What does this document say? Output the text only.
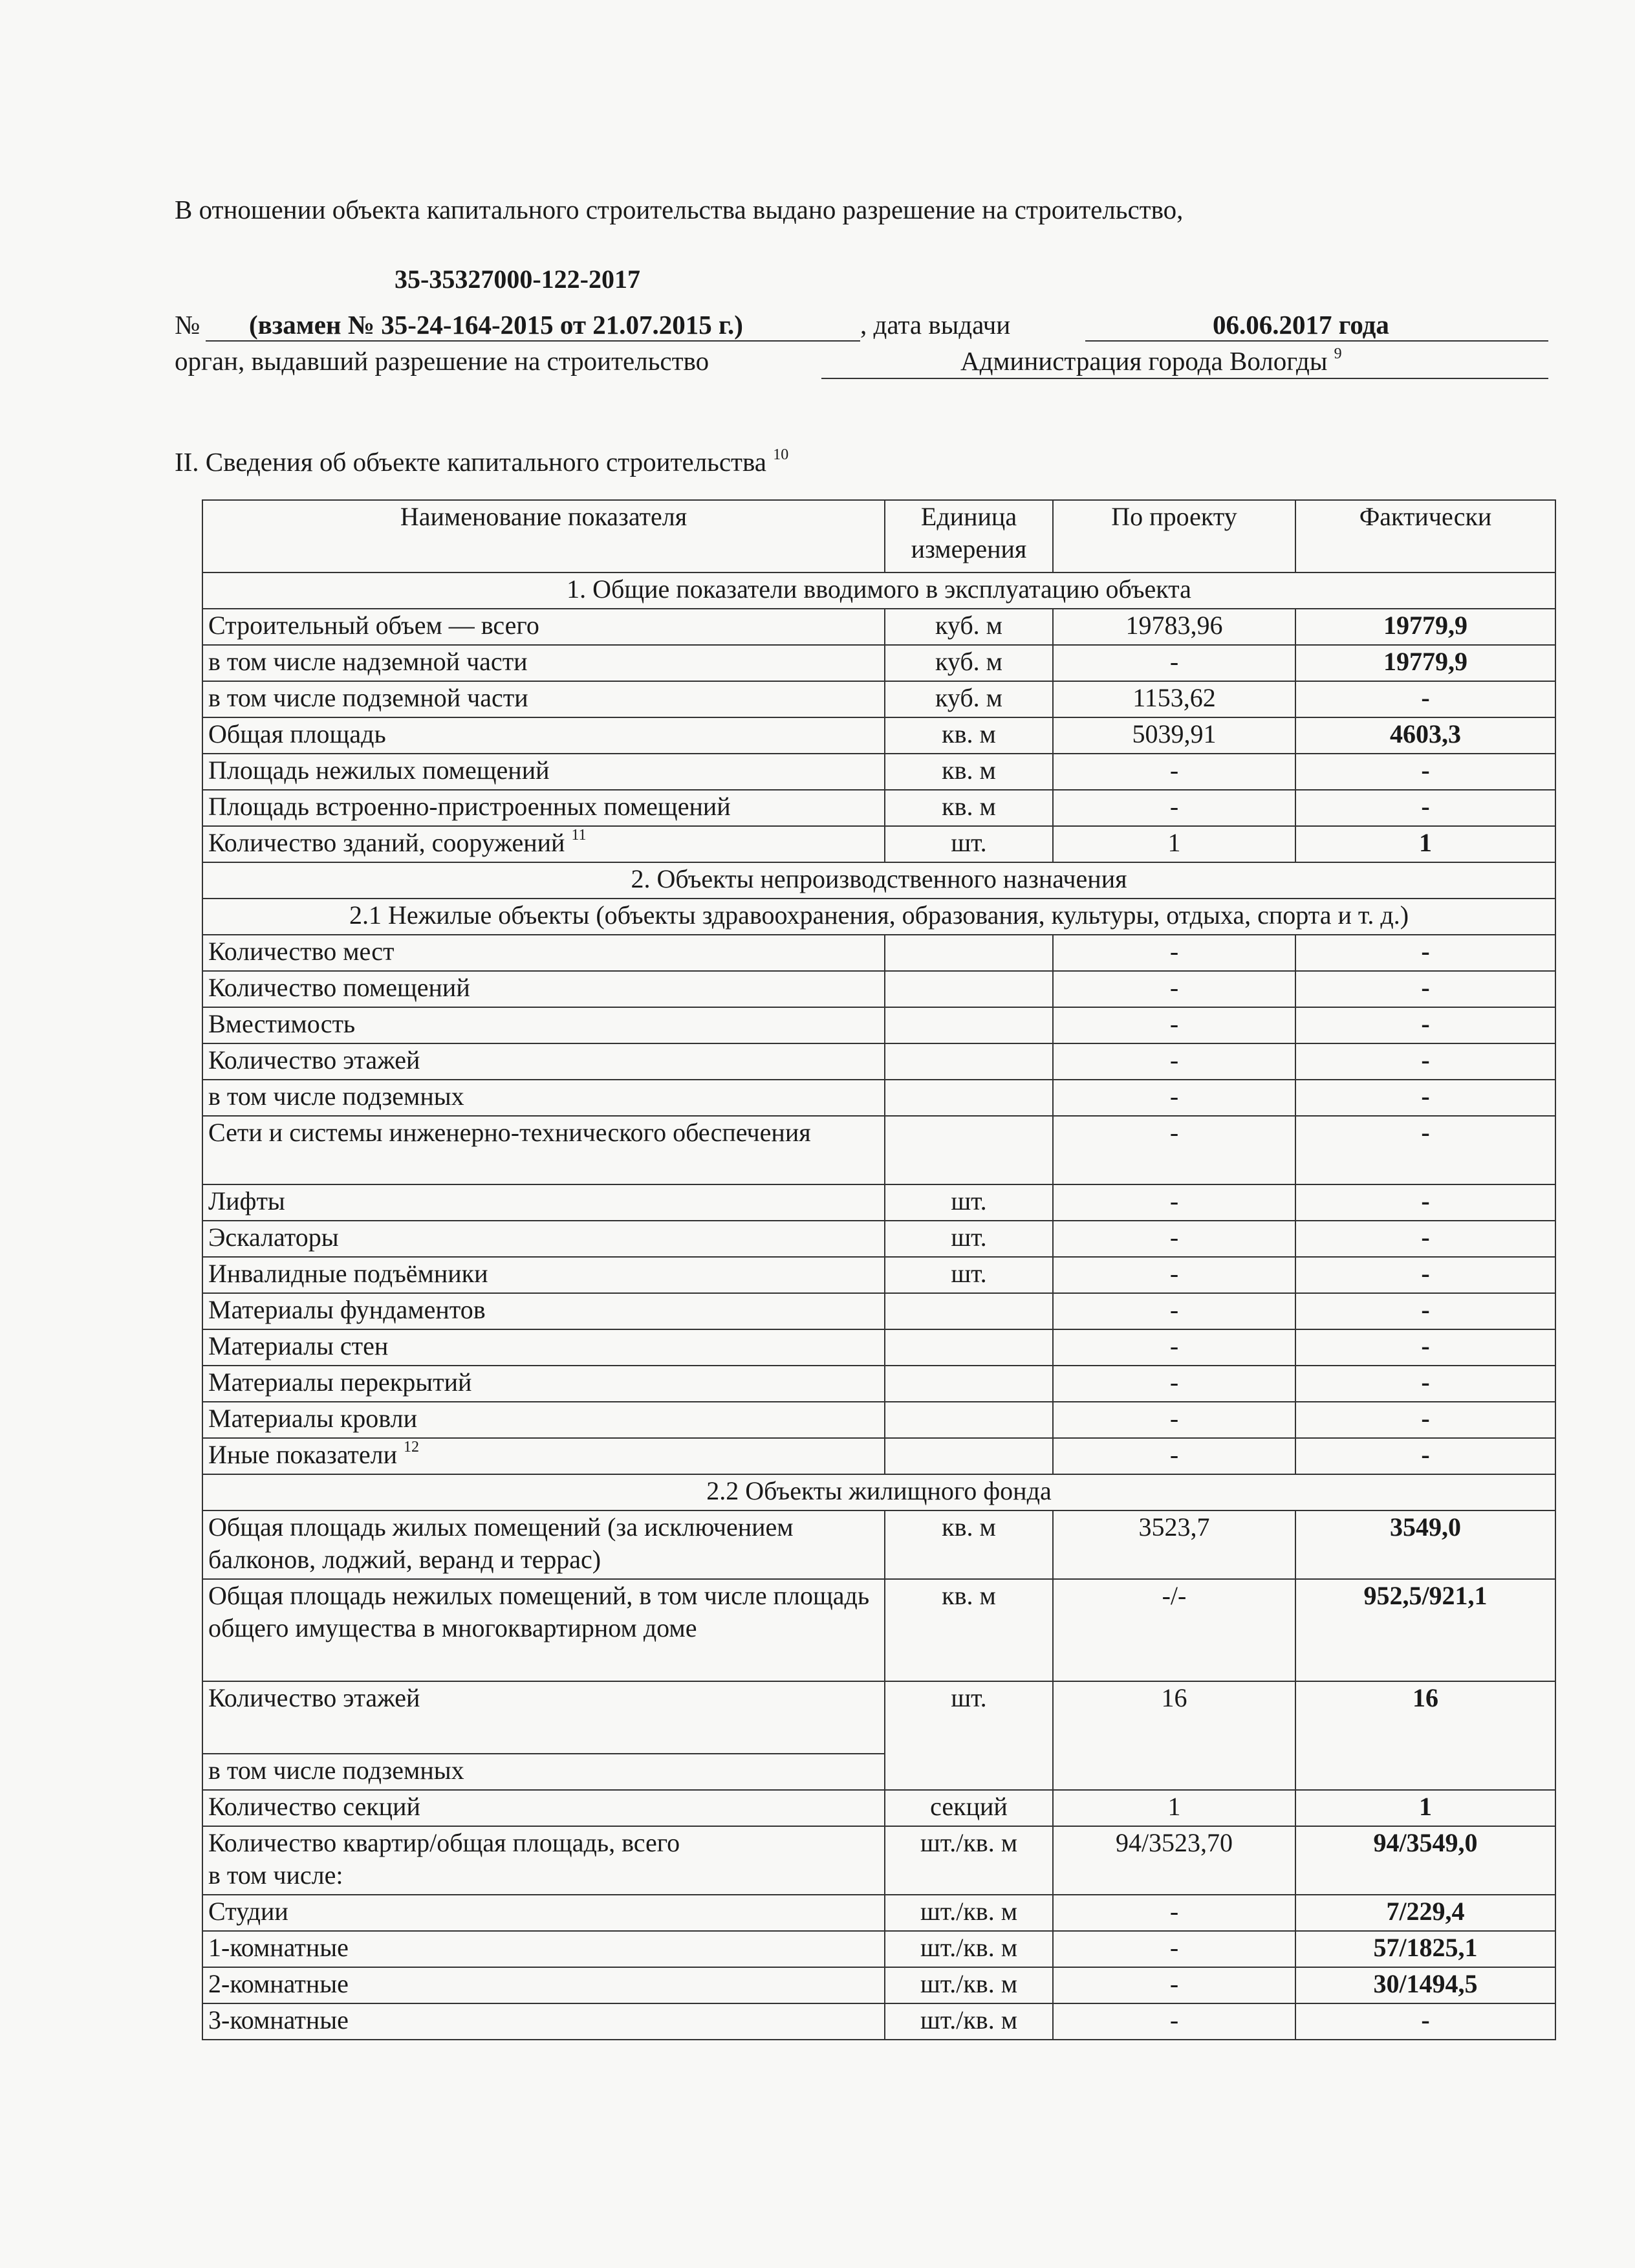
В отношении объекта капитального строительства выдано разрешение на строительство,
35-35327000-122-2017
№ (взамен № 35-24-164-2015 от 21.07.2015 г.)	, дата выдачи	06.06.2017 года
орган, выдавший разрешение на строительство	Администрация города Вологды $^9$
II. Сведения об объекте капитального строительства $^{10}$
Наименование показателя	Единица измерения	По проекту	Фактически
1. Общие показатели вводимого в эксплуатацию объекта			
Строительный объем — всего	куб. м	19783,96	19779,9
в том числе надземной части	куб. м	-	19779,9
в том числе подземной части	куб. м	1153,62	-
Общая площадь	кв. м	5039,91	4603,3
Площадь нежилых помещений	кв. м	-	-
Площадь встроенно-пристроенных помещений	кв. м	-	-
Количество зданий, сооружений $^{11}$	шт.	1	1
2. Объекты непроизводственного назначения			
2.1 Нежилые объекты (объекты здравоохранения, образования, культуры, отдыха, спорта и т. д.)			
Количество мест		-	-
Количество помещений		-	-
Вместимость		-	-
Количество этажей		-	-
в том числе подземных		-	-
Сети и системы инженерно-технического обеспечения		-	-
Лифты	шт.	-	-
Эскалаторы	шт.	-	-
Инвалидные подъёмники	шт.	-	-
Материалы фундаментов		-	-
Материалы стен		-	-
Материалы перекрытий		-	-
Материалы кровли		-	-
Иные показатели $^{12}$		-	-
2.2 Объекты жилищного фонда			
Общая площадь жилых помещений (за исключением балконов, лоджий, веранд и террас)	кв. м	3523,7	3549,0
Общая площадь нежилых помещений, в том числе площадь общего имущества в многоквартирном доме	кв. м	-/-	952,5/921,1
Количество этажей	шт.	16	16
в том числе подземных			
Количество секций	секций	1	1

Количество квартир/общая площадь, всего
в том числе:	шт./кв. м	94/3523,70	94/3549,0
Студии	шт./кв. м	-	7/229,4
1-комнатные	шт./кв. м	-	57/1825,1
2-комнатные	шт./кв. м	-	30/1494,5
3-комнатные	шт./кв. м	-	-
